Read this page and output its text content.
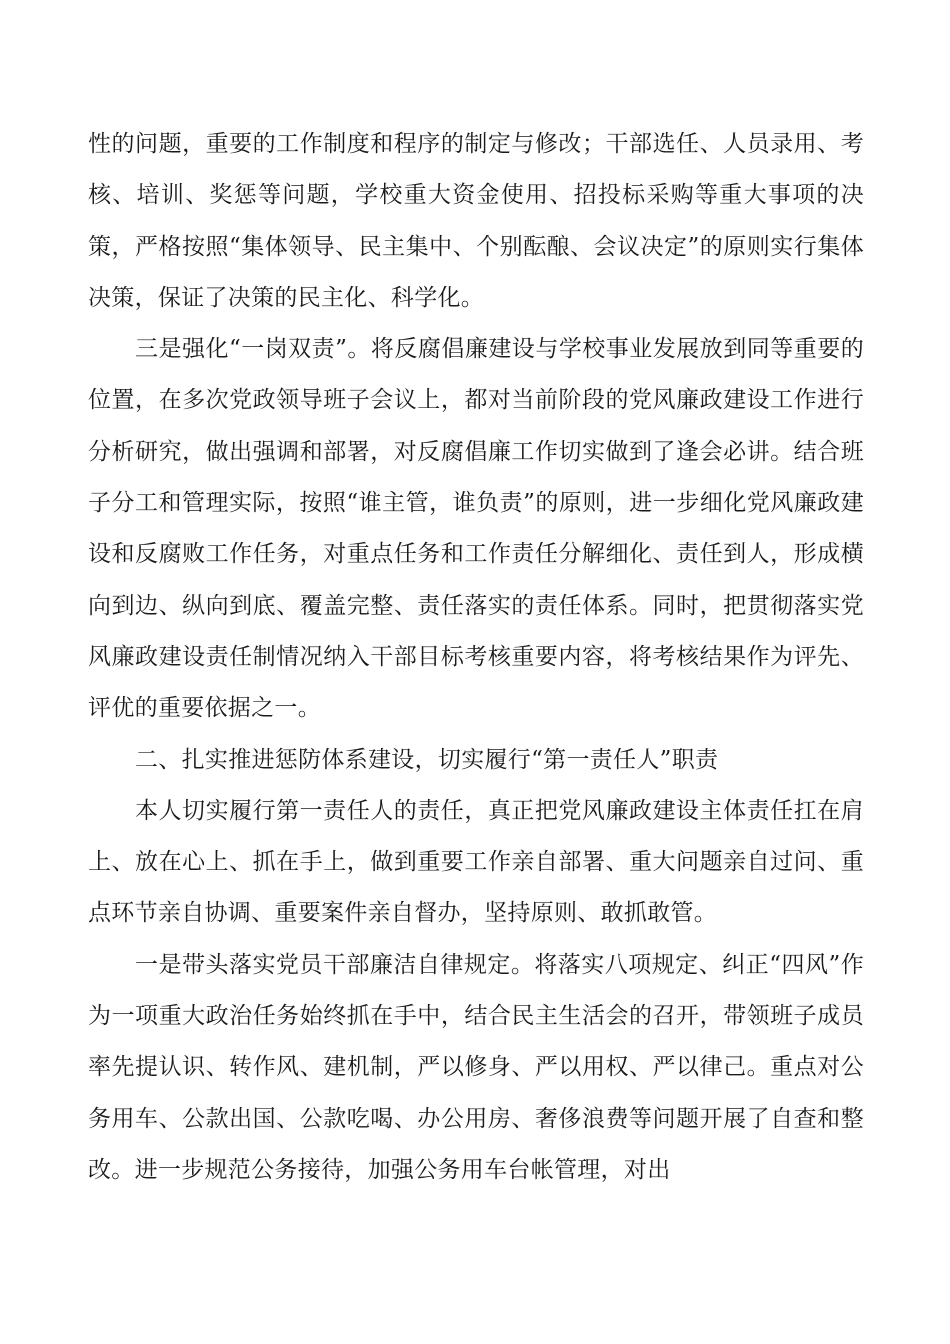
性的问题，重要的工作制度和程序的制定与修改；干部选任、人员录用、考核、培训、奖惩等问题，学校重大资金使用、招投标采购等重大事项的决策，严格按照“集体领导、民主集中、个别酝酿、会议决定”的原则实行集体决策，保证了决策的民主化、科学化。

三是强化“一岗双责”。将反腐倡廉建设与学校事业发展放到同等重要的位置，在多次党政领导班子会议上，都对当前阶段的党风廉政建设工作进行分析研究，做出强调和部署，对反腐倡廉工作切实做到了逢会必讲。结合班子分工和管理实际，按照“谁主管，谁负责”的原则，进一步细化党风廉政建设和反腐败工作任务，对重点任务和工作责任分解细化、责任到人，形成横向到边、纵向到底、覆盖完整、责任落实的责任体系。同时，把贯彻落实党风廉政建设责任制情况纳入干部目标考核重要内容，将考核结果作为评先、评优的重要依据之一。

二、扎实推进惩防体系建设，切实履行“第一责任人”职责

本人切实履行第一责任人的责任，真正把党风廉政建设主体责任扛在肩上、放在心上、抓在手上，做到重要工作亲自部署、重大问题亲自过问、重点环节亲自协调、重要案件亲自督办，坚持原则、敢抓敢管。

一是带头落实党员干部廉洁自律规定。将落实八项规定、纠正“四风”作为一项重大政治任务始终抓在手中，结合民主生活会的召开，带领班子成员率先提认识、转作风、建机制，严以修身、严以用权、严以律己。重点对公务用车、公款出国、公款吃喝、办公用房、奢侈浪费等问题开展了自查和整改。进一步规范公务接待，加强公务用车台帐管理，对出
